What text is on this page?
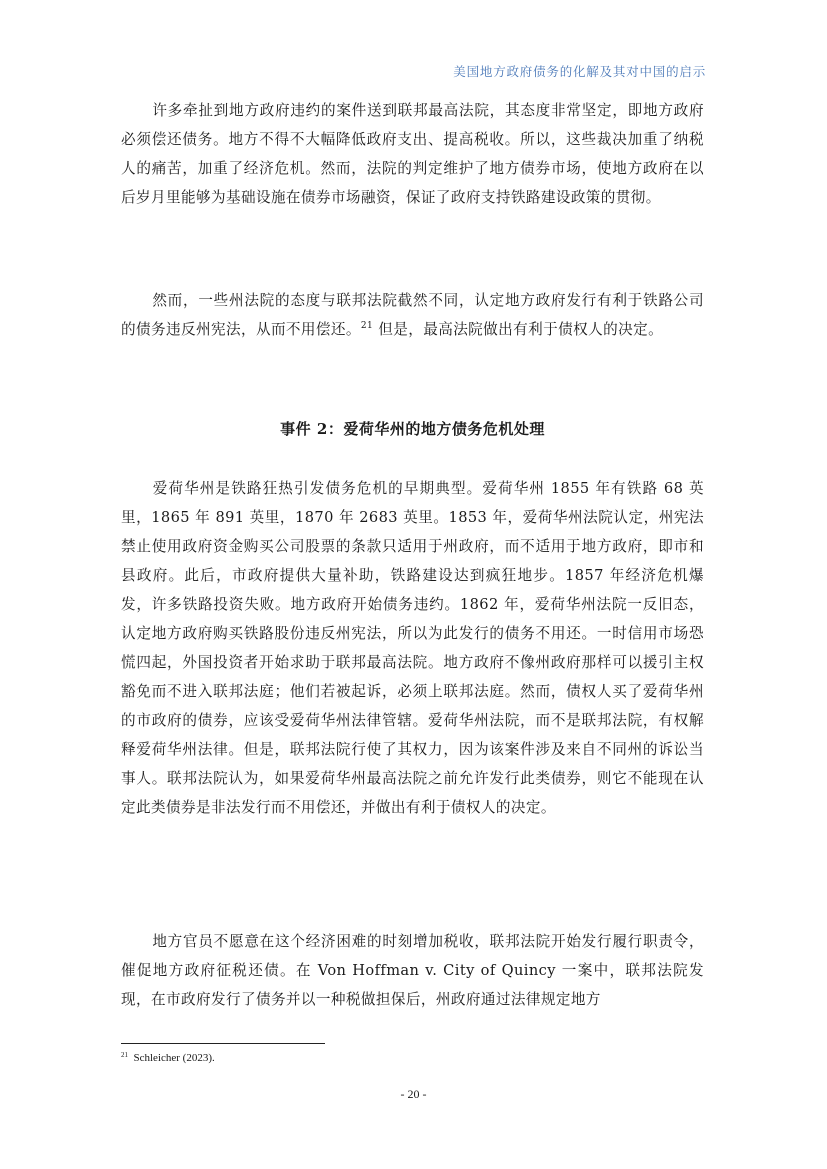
美国地方政府债务的化解及其对中国的启示

许多牵扯到地方政府违约的案件送到联邦最高法院，其态度非常坚定，即地方政府必须偿还债务。地方不得不大幅降低政府支出、提高税收。所以，这些裁决加重了纳税人的痛苦，加重了经济危机。然而，法院的判定维护了地方债券市场，使地方政府在以后岁月里能够为基础设施在债券市场融资，保证了政府支持铁路建设政策的贯彻。

然而，一些州法院的态度与联邦法院截然不同，认定地方政府发行有利于铁路公司的债务违反州宪法，从而不用偿还。$^{21}$ 但是，最高法院做出有利于债权人的决定。

事件 2：爱荷华州的地方债务危机处理

爱荷华州是铁路狂热引发债务危机的早期典型。爱荷华州 1855 年有铁路 68 英里，1865 年 891 英里，1870 年 2683 英里。1853 年，爱荷华州法院认定，州宪法禁止使用政府资金购买公司股票的条款只适用于州政府，而不适用于地方政府，即市和县政府。此后，市政府提供大量补助，铁路建设达到疯狂地步。1857 年经济危机爆发，许多铁路投资失败。地方政府开始债务违约。1862 年，爱荷华州法院一反旧态，认定地方政府购买铁路股份违反州宪法，所以为此发行的债务不用还。一时信用市场恐慌四起，外国投资者开始求助于联邦最高法院。地方政府不像州政府那样可以援引主权豁免而不进入联邦法庭；他们若被起诉，必须上联邦法庭。然而，债权人买了爱荷华州的市政府的债券，应该受爱荷华州法律管辖。爱荷华州法院，而不是联邦法院，有权解释爱荷华州法律。但是，联邦法院行使了其权力，因为该案件涉及来自不同州的诉讼当事人。联邦法院认为，如果爱荷华州最高法院之前允许发行此类债券，则它不能现在认定此类债券是非法发行而不用偿还，并做出有利于债权人的决定。

地方官员不愿意在这个经济困难的时刻增加税收，联邦法院开始发行履行职责令，催促地方政府征税还债。在 Von Hoffman v. City of Quincy 一案中，联邦法院发现，在市政府发行了债务并以一种税做担保后，州政府通过法律规定地方

$^{21}$ Schleicher (2023).
- 20 -
